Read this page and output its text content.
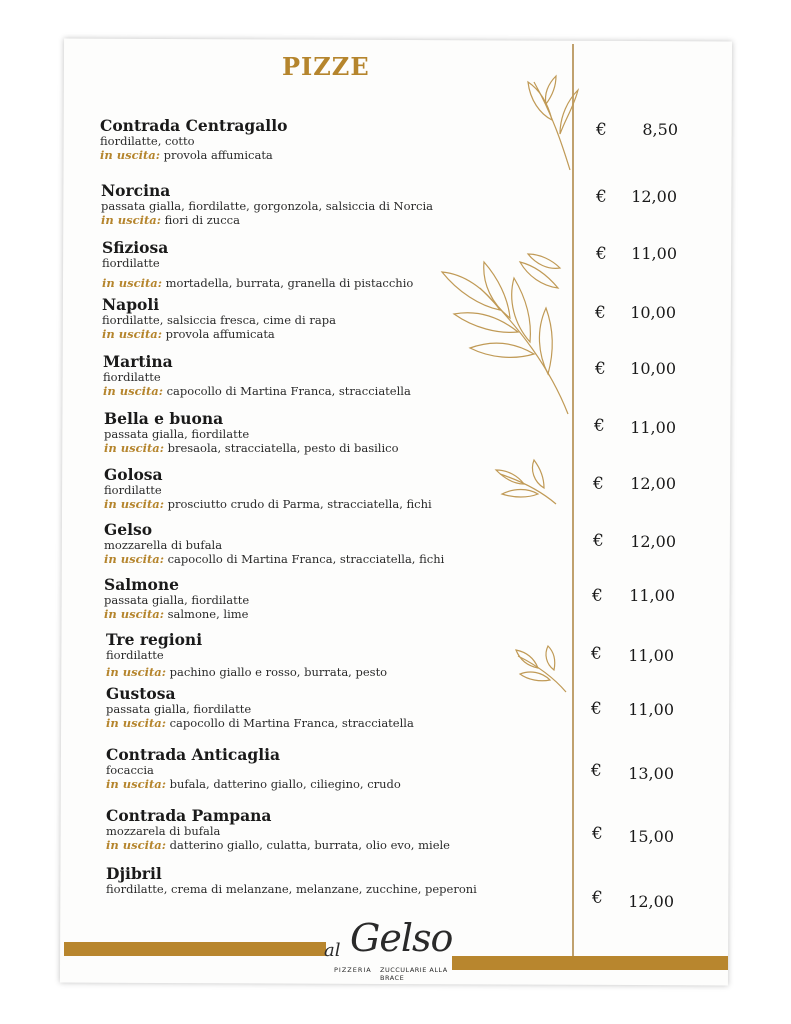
PIZZE
Contrada Centragallo
fiordilatte, cotto
in uscita: provola affumicata
€	8,50
Norcina
passata gialla, fiordilatte, gorgonzola, salsiccia di Norcia
in uscita: fiori di zucca
€	12,00
Sfiziosa
fiordilatte
in uscita: mortadella, burrata, granella di pistacchio
€	11,00
Napoli
fiordilatte, salsiccia fresca, cime di rapa
in uscita: provola affumicata
€	10,00
Martina
fiordilatte
in uscita: capocollo di Martina Franca, stracciatella
€	10,00
Bella e buona
passata gialla, fiordilatte
in uscita: bresaola, stracciatella, pesto di basilico
€	11,00
Golosa
fiordilatte
in uscita: prosciutto crudo di Parma, stracciatella, fichi
€	12,00
Gelso
mozzarella di bufala
in uscita: capocollo di Martina Franca, stracciatella, fichi
€	12,00
Salmone
passata gialla, fiordilatte
in uscita: salmone, lime
€	11,00
Tre regioni
fiordilatte
in uscita: pachino giallo e rosso, burrata, pesto
€	11,00
Gustosa
passata gialla, fiordilatte
in uscita: capocollo di Martina Franca, stracciatella
€	11,00
Contrada Anticaglia
focaccia
in uscita: bufala, datterino giallo, ciliegino, crudo
€	13,00
Contrada Pampana
mozzarela di bufala
in uscita: datterino giallo, culatta, burrata, olio evo, miele
€	15,00
Djibril
fiordilatte, crema di melanzane, melanzane, zucchine, peperoni	€	12,00
al Gelso
PIZZERIA ZUCCULARIE ALLA BRACE
